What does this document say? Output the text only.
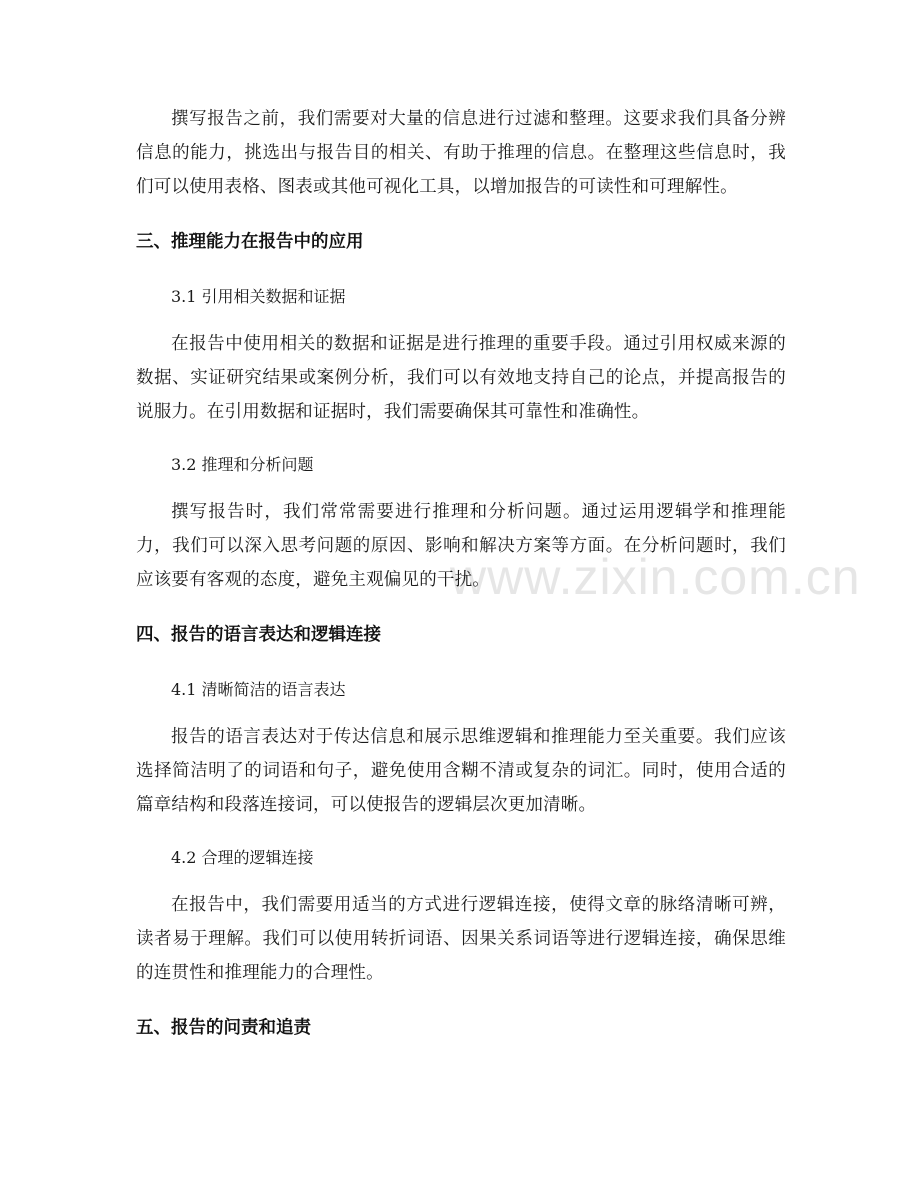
www.zixin.com.cn

撰写报告之前，我们需要对大量的信息进行过滤和整理。这要求我们具备分辨信息的能力，挑选出与报告目的相关、有助于推理的信息。在整理这些信息时，我们可以使用表格、图表或其他可视化工具，以增加报告的可读性和可理解性。

三、推理能力在报告中的应用
3.1 引用相关数据和证据

在报告中使用相关的数据和证据是进行推理的重要手段。通过引用权威来源的数据、实证研究结果或案例分析，我们可以有效地支持自己的论点，并提高报告的说服力。在引用数据和证据时，我们需要确保其可靠性和准确性。

3.2 推理和分析问题

撰写报告时，我们常常需要进行推理和分析问题。通过运用逻辑学和推理能力，我们可以深入思考问题的原因、影响和解决方案等方面。在分析问题时，我们应该要有客观的态度，避免主观偏见的干扰。

四、报告的语言表达和逻辑连接
4.1 清晰简洁的语言表达

报告的语言表达对于传达信息和展示思维逻辑和推理能力至关重要。我们应该选择简洁明了的词语和句子，避免使用含糊不清或复杂的词汇。同时，使用合适的篇章结构和段落连接词，可以使报告的逻辑层次更加清晰。

4.2 合理的逻辑连接

在报告中，我们需要用适当的方式进行逻辑连接，使得文章的脉络清晰可辨，读者易于理解。我们可以使用转折词语、因果关系词语等进行逻辑连接，确保思维的连贯性和推理能力的合理性。

五、报告的问责和追责
